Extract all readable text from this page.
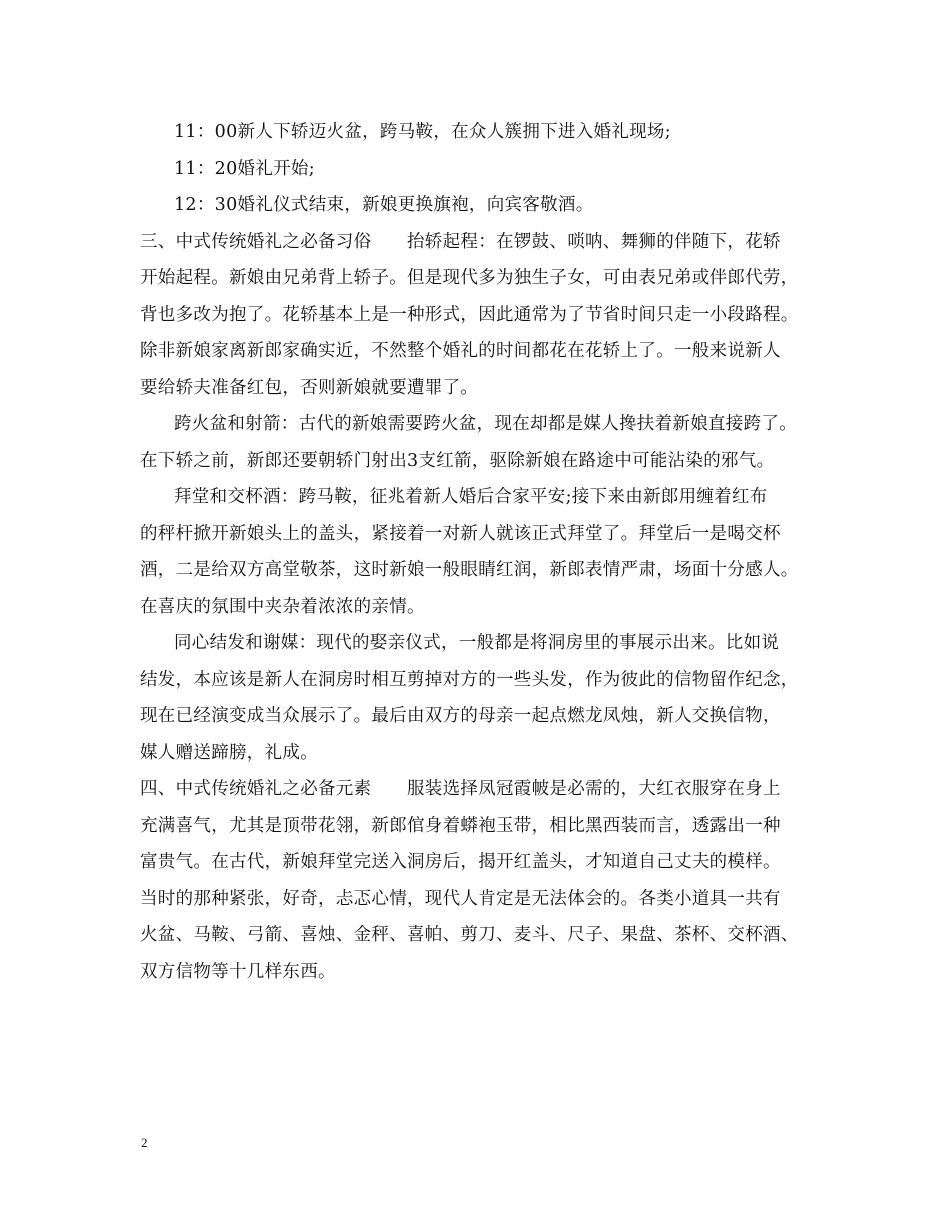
11：00新人下轿迈火盆，跨马鞍，在众人簇拥下进入婚礼现场;
11：20婚礼开始;
12：30婚礼仪式结束，新娘更换旗袍，向宾客敬酒。
三、中式传统婚礼之必备习俗　　抬轿起程：在锣鼓、唢呐、舞狮的伴随下，花轿
开始起程。新娘由兄弟背上轿子。但是现代多为独生子女，可由表兄弟或伴郎代劳，
背也多改为抱了。花轿基本上是一种形式，因此通常为了节省时间只走一小段路程。
除非新娘家离新郎家确实近，不然整个婚礼的时间都花在花轿上了。一般来说新人
要给轿夫准备红包，否则新娘就要遭罪了。
跨火盆和射箭：古代的新娘需要跨火盆，现在却都是媒人搀扶着新娘直接跨了。
在下轿之前，新郎还要朝轿门射出3支红箭，驱除新娘在路途中可能沾染的邪气。
拜堂和交杯酒：跨马鞍，征兆着新人婚后合家平安;接下来由新郎用缠着红布
的秤杆掀开新娘头上的盖头，紧接着一对新人就该正式拜堂了。拜堂后一是喝交杯
酒，二是给双方高堂敬茶，这时新娘一般眼睛红润，新郎表情严肃，场面十分感人。
在喜庆的氛围中夹杂着浓浓的亲情。
同心结发和谢媒：现代的娶亲仪式，一般都是将洞房里的事展示出来。比如说
结发，本应该是新人在洞房时相互剪掉对方的一些头发，作为彼此的信物留作纪念，
现在已经演变成当众展示了。最后由双方的母亲一起点燃龙凤烛，新人交换信物，
媒人赠送蹄膀，礼成。
四、中式传统婚礼之必备元素　　服装选择凤冠霞帔是必需的，大红衣服穿在身上
充满喜气，尤其是顶带花翎，新郎倌身着蟒袍玉带，相比黑西装而言，透露出一种
富贵气。在古代，新娘拜堂完送入洞房后，揭开红盖头，才知道自己丈夫的模样。
当时的那种紧张，好奇，忐忑心情，现代人肯定是无法体会的。各类小道具一共有
火盆、马鞍、弓箭、喜烛、金秤、喜帕、剪刀、麦斗、尺子、果盘、茶杯、交杯酒、
双方信物等十几样东西。
2
